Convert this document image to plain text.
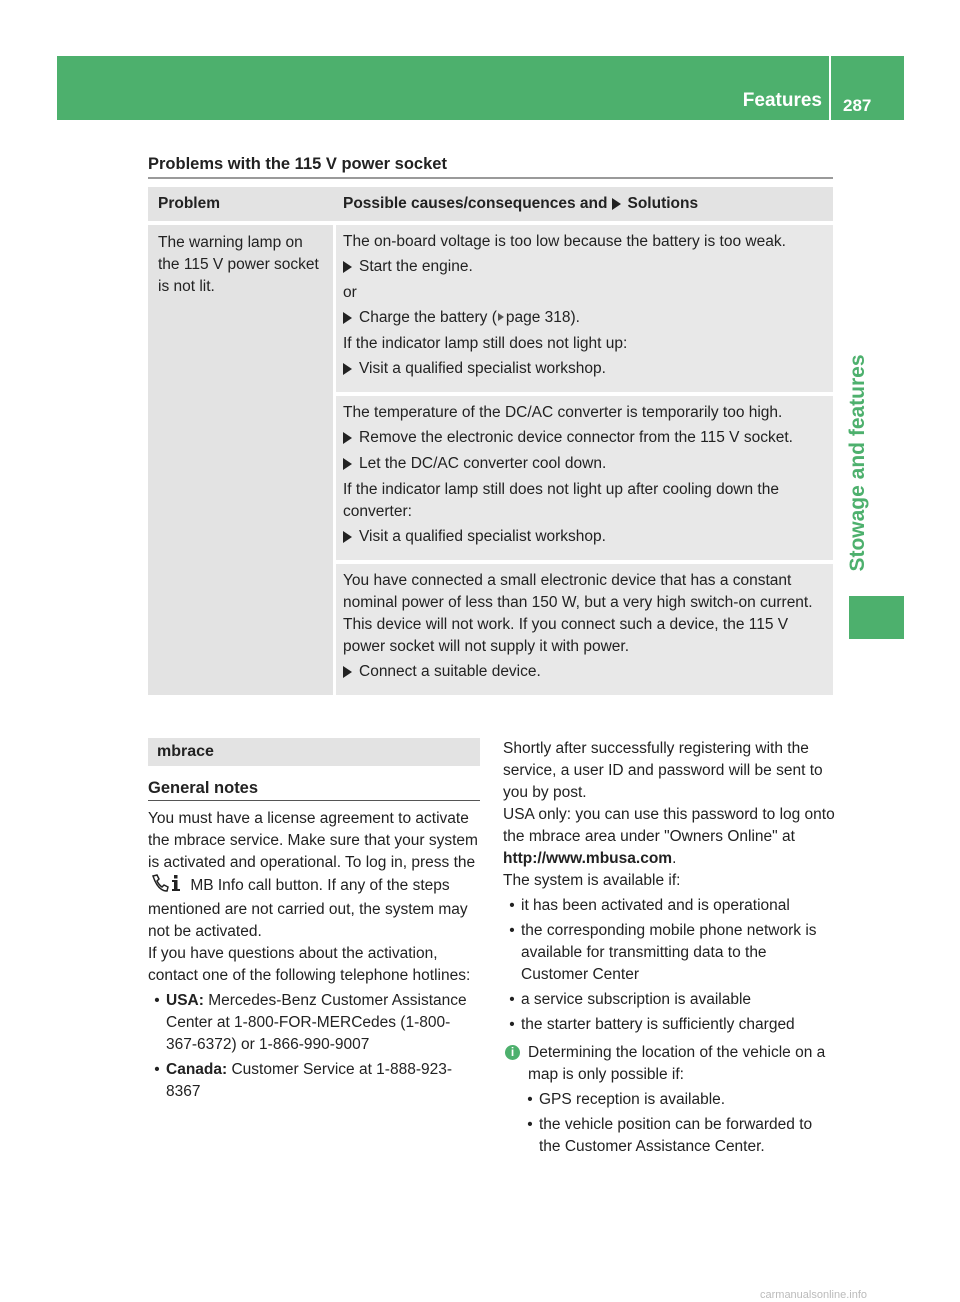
Features 287
Stowage and features
Problems with the 115 V power socket
Problem	Possible causes/consequences and Solutions
The warning lamp on the 115 V power socket is not lit.

The on-board voltage is too low because the battery is too weak.

Start the engine.

or

Charge the battery ( page 318).

If the indicator lamp still does not light up:

Visit a qualified specialist workshop.

The temperature of the DC/AC converter is temporarily too high.

Remove the electronic device connector from the 115 V socket.
Let the DC/AC converter cool down.

If the indicator lamp still does not light up after cooling down the converter:

Visit a qualified specialist workshop.

You have connected a small electronic device that has a constant nominal power of less than 150 W, but a very high switch-on current. This device will not work. If you connect such a device, the 115 V power socket will not supply it with power.

Connect a suitable device.
mbrace
General notes

You must have a license agreement to activate the mbrace service. Make sure that your system is activated and operational. To log in, press the  MB Info call button. If any of the steps mentioned are not carried out, the system may not be activated.

If you have questions about the activation, contact one of the following telephone hotlines:

• USA: Mercedes-Benz Customer Assistance Center at 1-800-FOR-MERCedes (1-800-367-6372) or 1-866-990-9007
• Canada: Customer Service at 1-888-923-8367

Shortly after successfully registering with the service, a user ID and password will be sent to you by post.

USA only: you can use this password to log onto the mbrace area under "Owners Online" at http://www.mbusa.com.

The system is available if:

• it has been activated and is operational
• the corresponding mobile phone network is available for transmitting data to the Customer Center
• a service subscription is available
• the starter battery is sufficiently charged
i Determining the location of the vehicle on a map is only possible if:
• GPS reception is available.
• the vehicle position can be forwarded to the Customer Assistance Center.
carmanualsonline.info
